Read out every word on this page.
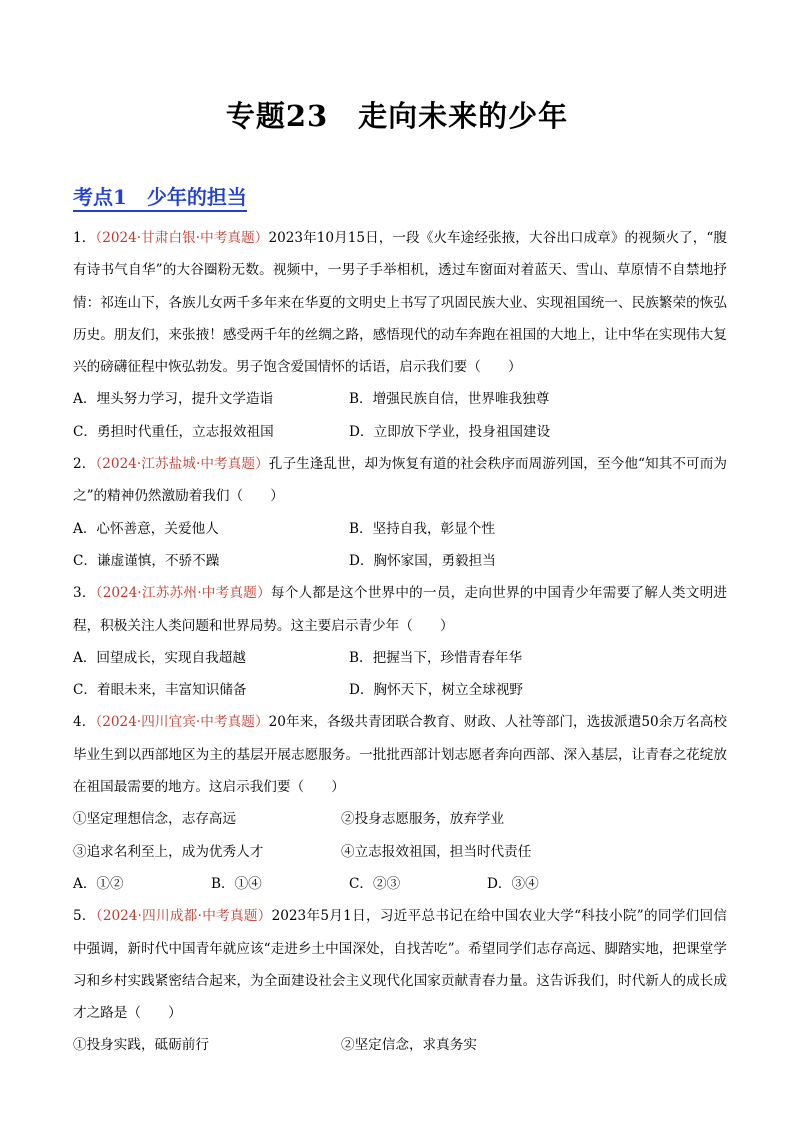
专题23　走向未来的少年
考点1　少年的担当

1．（2024·甘肃白银·中考真题）2023年10月15日，一段《火车途经张掖，大谷出口成章》的视频火了，“腹有诗书气自华”的大谷圈粉无数。视频中，一男子手举相机，透过车窗面对着蓝天、雪山、草原情不自禁地抒情：祁连山下，各族儿女两千多年来在华夏的文明史上书写了巩固民族大业、实现祖国统一、民族繁荣的恢弘历史。朋友们，来张掖！感受两千年的丝绸之路，感悟现代的动车奔跑在祖国的大地上，让中华在实现伟大复兴的磅礴征程中恢弘勃发。男子饱含爱国情怀的话语，启示我们要（　　）

A．埋头努力学习，提升文学造诣	B．增强民族自信，世界唯我独尊
C．勇担时代重任，立志报效祖国	D．立即放下学业，投身祖国建设

2．（2024·江苏盐城·中考真题）孔子生逢乱世，却为恢复有道的社会秩序而周游列国，至今他“知其不可而为之”的精神仍然激励着我们（　　）

A．心怀善意，关爱他人	B．坚持自我，彰显个性
C．谦虚谨慎，不骄不躁	D．胸怀家国，勇毅担当

3．（2024·江苏苏州·中考真题）每个人都是这个世界中的一员，走向世界的中国青少年需要了解人类文明进程，积极关注人类问题和世界局势。这主要启示青少年（　　）

A．回望成长，实现自我超越	B．把握当下，珍惜青春年华
C．着眼未来，丰富知识储备	D．胸怀天下，树立全球视野

4．（2024·四川宜宾·中考真题）20年来，各级共青团联合教育、财政、人社等部门，选拔派遣50余万名高校毕业生到以西部地区为主的基层开展志愿服务。一批批西部计划志愿者奔向西部、深入基层，让青春之花绽放在祖国最需要的地方。这启示我们要（　　）

①坚定理想信念，志存高远	②投身志愿服务，放弃学业
③追求名利至上，成为优秀人才	④立志报效祖国，担当时代责任
A．①②	B．①④	C．②③	D．③④

5．（2024·四川成都·中考真题）2023年5月1日，习近平总书记在给中国农业大学“科技小院”的同学们回信中强调，新时代中国青年就应该“走进乡土中国深处，自找苦吃”。希望同学们志存高远、脚踏实地，把课堂学习和乡村实践紧密结合起来，为全面建设社会主义现代化国家贡献青春力量。这告诉我们，时代新人的成长成才之路是（　　）

①投身实践，砥砺前行	②坚定信念，求真务实
